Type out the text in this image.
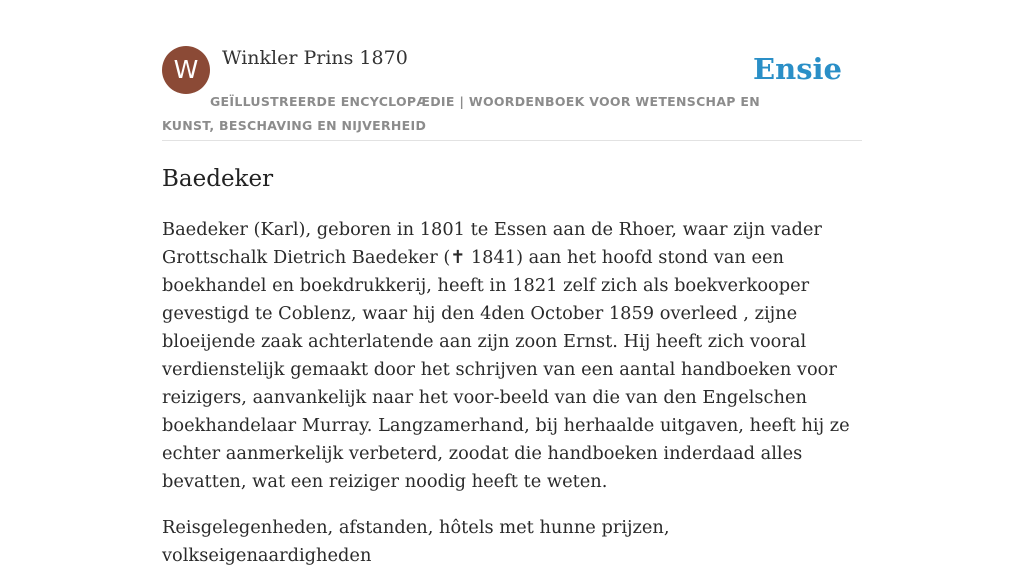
W	Winkler Prins 1870	Ensie
GEÏLLUSTREERDE ENCYCLOPÆDIE | WOORDENBOEK VOOR WETENSCHAP EN KUNST, BESCHAVING EN NIJVERHEID
Baedeker

Baedeker (Karl), geboren in 1801 te Essen aan de Rhoer, waar zijn vader Grottschalk Dietrich Baedeker (✝ 1841) aan het hoofd stond van een boekhandel en boekdrukkerij, heeft in 1821 zelf zich als boekverkooper gevestigd te Coblenz, waar hij den 4den October 1859 overleed , zijne bloeijende zaak achterlatende aan zijn zoon Ernst. Hij heeft zich vooral verdienstelijk gemaakt door het schrijven van een aantal handboeken voor reizigers, aanvankelijk naar het voor-beeld van die van den Engelschen boekhandelaar Murray. Langzamerhand, bij herhaalde uitgaven, heeft hij ze echter aanmerkelijk verbeterd, zoodat die handboeken inderdaad alles bevatten, wat een reiziger noodig heeft te weten.

Reisgelegenheden, afstanden, hôtels met hunne prijzen, volkseigenaardigheden
